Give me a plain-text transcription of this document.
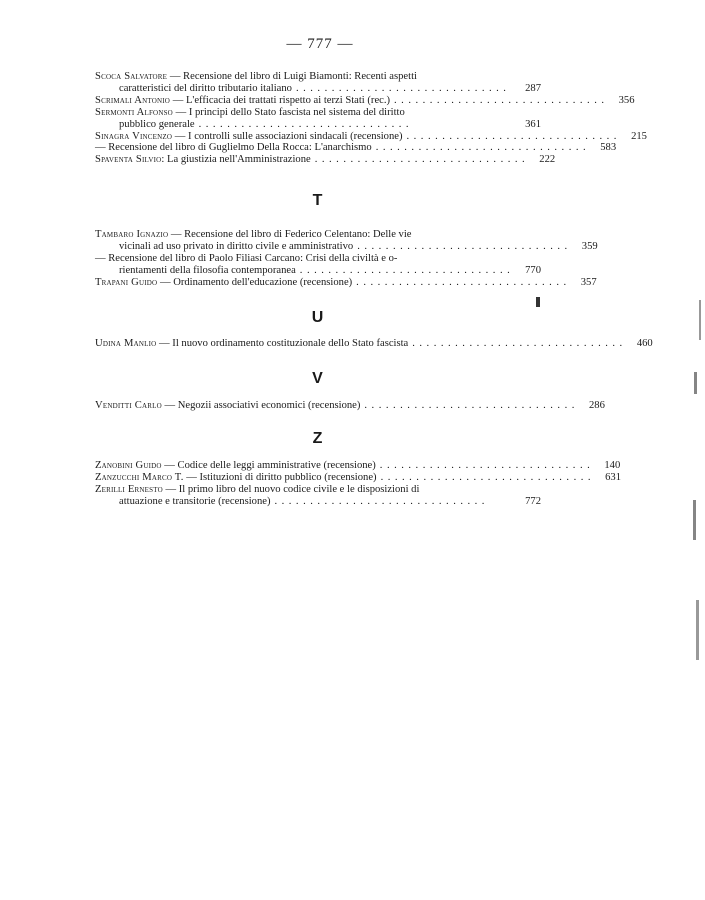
— 777 —
Scoca Salvatore — Recensione del libro di Luigi Biamonti: Recenti aspetti
caratteristici del diritto tributario italiano ..............................	287
Scrimali Antonio — L'efficacia dei trattati rispetto ai terzi Stati (rec.) .............................. 356
Sermonti Alfonso — I principi dello Stato fascista nel sistema del diritto
pubblico generale ..............................	361
Sinagra Vincenzo — I controlli sulle associazioni sindacali (recensione) .............................. 215
— Recensione del libro di Guglielmo Della Rocca: L'anarchismo .............................. 583
Spaventa Silvio: La giustizia nell'Amministrazione .............................. 222
T
Tambaro Ignazio — Recensione del libro di Federico Celentano: Delle vie
vicinali ad uso privato in diritto civile e amministrativo .............................. 359
— Recensione del libro di Paolo Filiasi Carcano: Crisi della civiltà e o-
rientamenti della filosofia contemporanea ..............................	770
Trapani Guido — Ordinamento dell'educazione (recensione) .............................. 357
U
Udina Manlio — Il nuovo ordinamento costituzionale dello Stato fascista .............................. 460
V
Venditti Carlo — Negozii associativi economici (recensione) .............................. 286
Z
Zanobini Guido — Codice delle leggi amministrative (recensione) .............................. 140
Zanzucchi Marco T. — Istituzioni di diritto pubblico (recensione) .............................. 631
Zerilli Ernesto — Il primo libro del nuovo codice civile e le disposizioni di
attuazione e transitorie (recensione) ..............................	772
